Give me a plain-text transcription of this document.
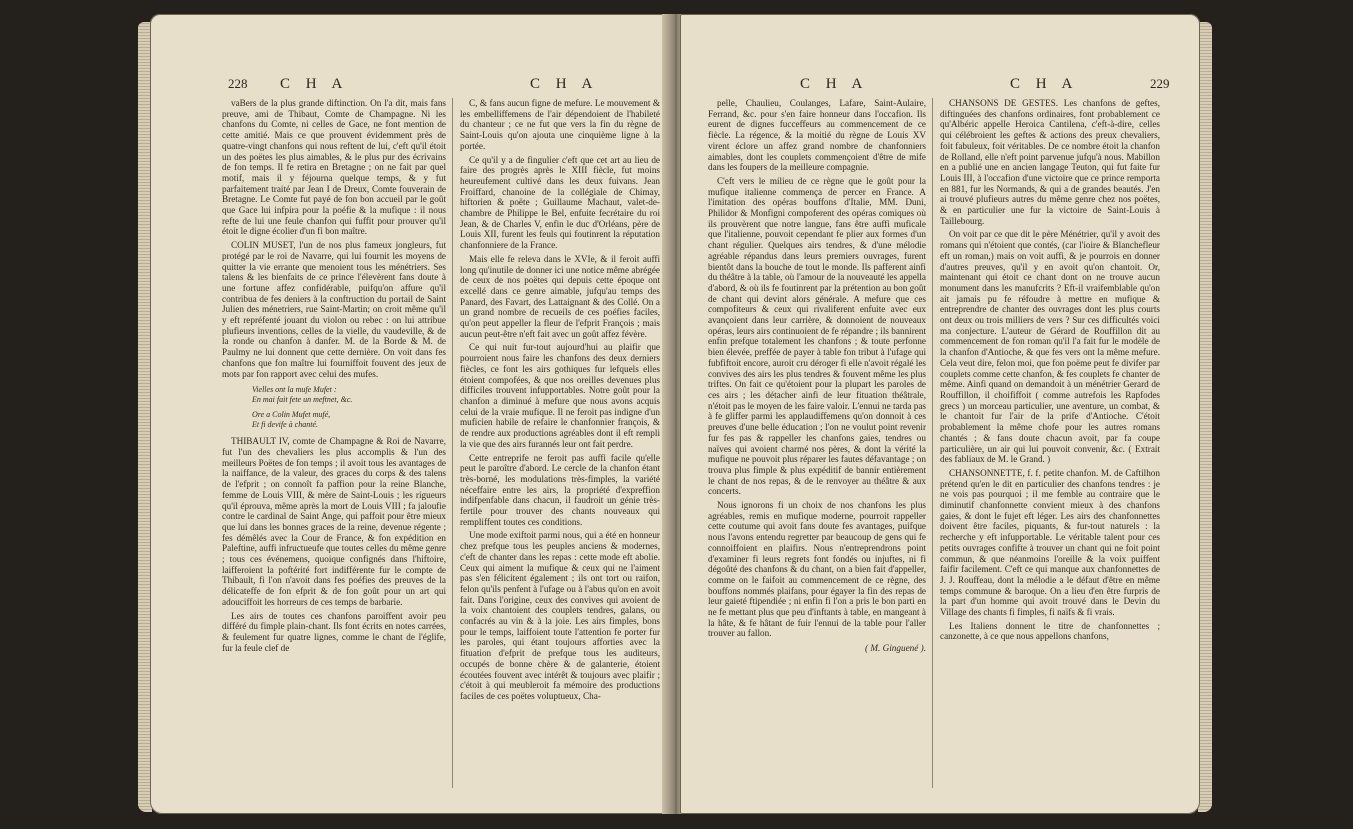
228 C H A	C H A

vaBers de la plus grande diftinction. On l'a dit, mais fans preuve, ami de Thibaut, Comte de Champagne. Ni les chanfons du Comte, ni celles de Gace, ne font mention de cette amitié. Mais ce que prouvent évidemment près de quatre-vingt chanfons qui nous reftent de lui, c'eft qu'il étoit un des poëtes les plus aimables, & le plus pur des écrivains de fon temps. Il fe retira en Bretagne ; on ne fait par quel motif, mais il y féjourna quelque temps, & y fut parfaitement traité par Jean I de Dreux, Comte fouverain de Bretagne. Le Comte fut payé de fon bon accueil par le goût que Gace lui infpira pour la poéfie & la mufique : il nous refte de lui une feule chanfon qui fuffit pour prouver qu'il étoit le digne écolier d'un fi bon maître.

COLIN MUSET, l'un de nos plus fameux jongleurs, fut protégé par le roi de Navarre, qui lui fournit les moyens de quitter la vie errante que menoient tous les ménétriers. Ses talens & les bienfaits de ce prince l'élevèrent fans doute à une fortune affez confidérable, puifqu'on affure qu'il contribua de fes deniers à la conftruction du portail de Saint Julien des ménetriers, rue Saint-Martin; on croit même qu'il y eft repréfenté jouant du violon ou rebec : on lui attribue plufieurs inventions, celles de la vielle, du vaudeville, & de la ronde ou chanfon à danfer. M. de la Borde & M. de Paulmy ne lui donnent que cette dernière. On voit dans fes chanfons que fon maître lui fourniffoit fouvent des jeux de mots par fon rapport avec celui des mufes.

Vielles ont la mufe Mufet :
En mai fait fete un meftnet, &c.
Ore a Colin Mufet mufé,
Et fi devife à chanté.

THIBAULT IV, comte de Champagne & Roi de Navarre, fut l'un des chevaliers les plus accomplis & l'un des meilleurs Poëtes de fon temps ; il avoit tous les avantages de la naiffance, de la valeur, des graces du corps & des talens de l'efprit ; on connoît fa paffion pour la reine Blanche, femme de Louis VIII, & mère de Saint-Louis ; les rigueurs qu'il éprouva, même après la mort de Louis VIII ; fa jaloufie contre le cardinal de Saint Ange, qui paffoit pour être mieux que lui dans les bonnes graces de la reine, devenue régente ; fes démêlés avec la Cour de France, & fon expédition en Paleftine, auffi infructueufe que toutes celles du même genre ; tous ces événemens, quoique confignés dans l'hiftoire, laifferoient la poftérité fort indifférente fur le compte de Thibault, fi l'on n'avoit dans fes poéfies des preuves de la délicateffe de fon efprit & de fon goût pour un art qui adouciffoit les horreurs de ces temps de barbarie.

Les airs de toutes ces chanfons paroiffent avoir peu différé du fimple plain-chant. Ils font écrits en notes carrées, & feulement fur quatre lignes, comme le chant de l'églife, fur la feule clef de

C, & fans aucun figne de mefure. Le mouvement & les embelliffemens de l'air dépendoient de l'habileté du chanteur ; ce ne fut que vers la fin du règne de Saint-Louis qu'on ajouta une cinquième ligne à la portée.

Ce qu'il y a de fingulier c'eft que cet art au lieu de faire des progrès après le XIII fiècle, fut moins heureufement cultivé dans les deux fuivans. Jean Froiffard, chanoine de la collégiale de Chimay, hiftorien & poëte ; Guillaume Machaut, valet-de-chambre de Philippe le Bel, enfuite fecrétaire du roi Jean, & de Charles V, enfin le duc d'Orléans, père de Louis XII, furent les feuls qui foutinrent la réputation chanfonniere de la France.

Mais elle fe releva dans le XVIe, & il feroit auffi long qu'inutile de donner ici une notice même abrégée de ceux de nos poëtes qui depuis cette époque ont excellé dans ce genre aimable, jufqu'au temps des Panard, des Favart, des Lattaignant & des Collé. On a un grand nombre de recueils de ces poéfies faciles, qu'on peut appeller la fleur de l'efprit François ; mais aucun peut-être n'eft fait avec un goût affez févère.

Ce qui nuit fur-tout aujourd'hui au plaifir que pourroient nous faire les chanfons des deux derniers fiècles, ce font les airs gothiques fur lefquels elles étoient compofées, & que nos oreilles devenues plus difficiles trouvent infupportables. Notre goût pour la chanfon a diminué à mefure que nous avons acquis celui de la vraie mufique. Il ne feroit pas indigne d'un muficien habile de refaire le chanfonnier françois, & de rendre aux productions agréables dont il eft rempli la vie que des airs furannés leur ont fait perdre.

Cette entreprife ne feroit pas auffi facile qu'elle peut le paroître d'abord. Le cercle de la chanfon étant très-borné, les modulations très-fimples, la variété néceffaire entre les airs, la propriété d'expreffion indifpenfable dans chacun, il faudroit un génie très-fertile pour trouver des chants nouveaux qui rempliffent toutes ces conditions.

Une mode exiftoit parmi nous, qui a été en honneur chez prefque tous les peuples anciens & modernes, c'eft de chanter dans les repas : cette mode eft abolie. Ceux qui aiment la mufique & ceux qui ne l'aiment pas s'en félicitent également ; ils ont tort ou raifon, felon qu'ils penfent à l'ufage ou à l'abus qu'on en avoit fait. Dans l'origine, ceux des convives qui avoient de la voix chantoient des couplets tendres, galans, ou confacrés au vin & à la joie. Les airs fimples, bons pour le temps, laiffoient toute l'attention fe porter fur les paroles, qui étant toujours afforties avec la fituation d'efprit de prefque tous les auditeurs, occupés de bonne chère & de galanterie, étoient écoutées fouvent avec intérêt & toujours avec plaifir ; c'étoit à qui meubleroit fa mémoire des productions faciles de ces poëtes voluptueux, Cha-

C H A	C H A	229

pelle, Chaulieu, Coulanges, Lafare, Saint-Aulaire, Ferrand, &c. pour s'en faire honneur dans l'occafion. Ils eurent de dignes fucceffeurs au commencement de ce fiècle. La régence, & la moitié du règne de Louis XV virent éclore un affez grand nombre de chanfonniers aimables, dont les couplets commençoient d'être de mife dans les foupers de la meilleure compagnie.

C'eft vers le milieu de ce règne que le goût pour la mufique italienne commença de percer en France. A l'imitation des opéras bouffons d'Italie, MM. Duni, Philidor & Monfigni compoferent des opéras comiques où ils prouvèrent que notre langue, fans être auffi muficale que l'italienne, pouvoit cependant fe plier aux formes d'un chant régulier. Quelques airs tendres, & d'une mélodie agréable répandus dans leurs premiers ouvrages, furent bientôt dans la bouche de tout le monde. Ils pafferent ainfi du théâtre à la table, où l'amour de la nouveauté les appella d'abord, & où ils fe foutinrent par la prétention au bon goût de chant qui devint alors générale. A mefure que ces compofiteurs & ceux qui rivaliferent enfuite avec eux avançoient dans leur carrière, & donnoient de nouveaux opéras, leurs airs continuoient de fe répandre ; ils bannirent enfin prefque totalement les chanfons ; & toute perfonne bien élevée, preffée de payer à table fon tribut à l'ufage qui fubfiftoit encore, auroit cru déroger fi elle n'avoit régalé les convives des airs les plus tendres & fouvent même les plus triftes. On fait ce qu'étoient pour la plupart les paroles de ces airs ; les détacher ainfi de leur fituation théâtrale, n'étoit pas le moyen de les faire valoir. L'ennui ne tarda pas à fe gliffer parmi les applaudiffemens qu'on donnoit à ces preuves d'une belle éducation ; l'on ne voulut point revenir fur fes pas & rappeller les chanfons gaies, tendres ou naïves qui avoient charmé nos pères, & dont la vérité la mufique ne pouvoit plus réparer les fautes défavantage ; on trouva plus fimple & plus expéditif de bannir entièrement le chant de nos repas, & de le renvoyer au théâtre & aux concerts.

Nous ignorons fi un choix de nos chanfons les plus agréables, remis en mufique moderne, pourroit rappeller cette coutume qui avoit fans doute fes avantages, puifque nous l'avons entendu regretter par beaucoup de gens qui fe connoiffoient en plaifirs. Nous n'entreprendrons point d'examiner fi leurs regrets font fondés ou injuftes, ni fi dégoûté des chanfons & du chant, on a bien fait d'appeller, comme on le faifoit au commencement de ce règne, des bouffons nommés plaifans, pour égayer la fin des repas de leur gaieté ftipendiée ; ni enfin fi l'on a pris le bon parti en ne fe mettant plus que peu d'inftants à table, en mangeant à la hâte, & fe hâtant de fuir l'ennui de la table pour l'aller trouver au fallon.

( M. Ginguené ).

CHANSONS DE GESTES. Les chanfons de geftes, diftinguées des chanfons ordinaires, font probablement ce qu'Albéric appelle Heroica Cantilena, c'eft-à-dire, celles qui célébroient les geftes & actions des preux chevaliers, foit fabuleux, foit véritables. De ce nombre étoit la chanfon de Rolland, elle n'eft point parvenue jufqu'à nous. Mabillon en a publié une en ancien langage Teuton, qui fut faite fur Louis III, à l'occafion d'une victoire que ce prince remporta en 881, fur les Normands, & qui a de grandes beautés. J'en ai trouvé plufieurs autres du même genre chez nos poëtes, & en particulier une fur la victoire de Saint-Louis à Taillebourg.

On voit par ce que dit le père Ménétrier, qu'il y avoit des romans qui n'étoient que contés, (car l'ioire & Blanchefleur eft un roman,) mais on voit auffi, & je pourrois en donner d'autres preuves, qu'il y en avoit qu'on chantoit. Or, maintenant qui étoit ce chant dont on ne trouve aucun monument dans les manufcrits ? Eft-il vraifemblable qu'on ait jamais pu fe réfoudre à mettre en mufique & entreprendre de chanter des ouvrages dont les plus courts ont deux ou trois milliers de vers ? Sur ces difficultés voici ma conjecture. L'auteur de Gérard de Rouffillon dit au commencement de fon roman qu'il l'a fait fur le modèle de la chanfon d'Antioche, & que fes vers ont la même mefure. Cela veut dire, felon moi, que fon poëme peut fe divifer par couplets comme cette chanfon, & fes couplets fe chanter de même. Ainfi quand on demandoit à un ménétrier Gerard de Rouffillon, il choififfoit ( comme autrefois les Rapfodes grecs ) un morceau particulier, une aventure, un combat, & le chantoit fur l'air de la prife d'Antioche. C'étoit probablement la même chofe pour les autres romans chantés ; & fans doute chacun avoit, par fa coupe particulière, un air qui lui pouvoit convenir, &c. ( Extrait des fabliaux de M. le Grand. )

CHANSONNETTE, f. f. petite chanfon. M. de Caftilhon prétend qu'en le dit en particulier des chanfons tendres : je ne vois pas pourquoi ; il me femble au contraire que le diminutif chanfonnette convient mieux à des chanfons gaies, & dont le fujet eft léger. Les airs des chanfonnettes doivent être faciles, piquants, & fur-tout naturels : la recherche y eft infupportable. Le véritable talent pour ces petits ouvrages confifte à trouver un chant qui ne foit point commun, & que néanmoins l'oreille & la voix puiffent faifir facilement. C'eft ce qui manque aux chanfonnettes de J. J. Rouffeau, dont la mélodie a le défaut d'être en même temps commune & baroque. On a lieu d'en être furpris de la part d'un homme qui avoit trouvé dans le Devin du Village des chants fi fimples, fi naïfs & fi vrais.

Les Italiens donnent le titre de chanfonnettes ; canzonette, à ce que nous appellons chanfons,
